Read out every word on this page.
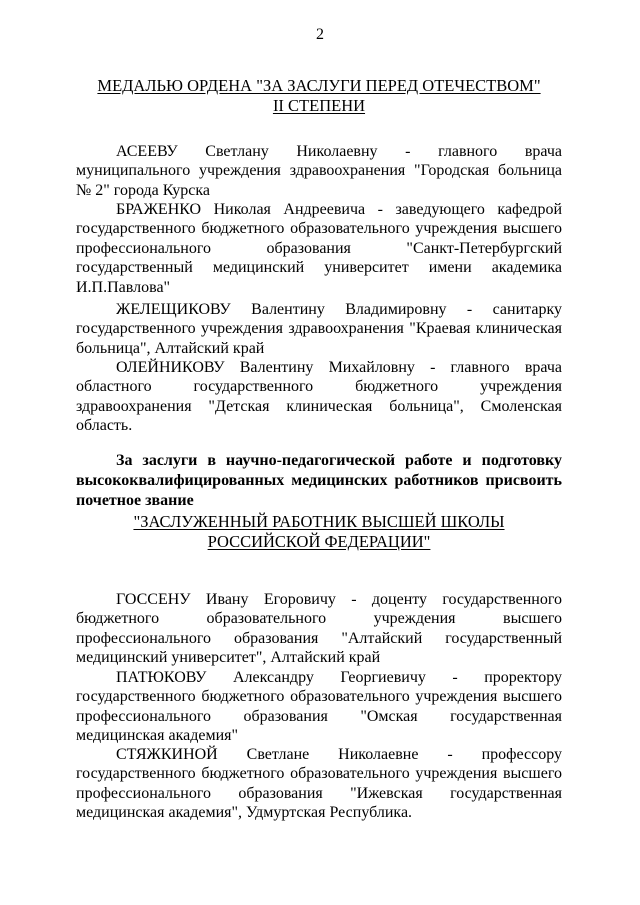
2
МЕДАЛЬЮ ОРДЕНА "ЗА ЗАСЛУГИ ПЕРЕД ОТЕЧЕСТВОМ"
II СТЕПЕНИ

АСЕЕВУ Светлану Николаевну - главного врача муниципального учреждения здравоохранения "Городская больница № 2" города Курска

БРАЖЕНКО Николая Андреевича - заведующего кафедрой государственного бюджетного образовательного учреждения высшего профессионального образования "Санкт-Петербургский государственный медицинский университет имени академика И.П.Павлова"

ЖЕЛЕЩИКОВУ Валентину Владимировну - санитарку государственного учреждения здравоохранения "Краевая клиническая больница", Алтайский край

ОЛЕЙНИКОВУ Валентину Михайловну - главного врача областного государственного бюджетного учреждения здравоохранения "Детская клиническая больница", Смоленская область.

За заслуги в научно-педагогической работе и подготовку высококвалифицированных медицинских работников присвоить почетное звание

"ЗАСЛУЖЕННЫЙ РАБОТНИК ВЫСШЕЙ ШКОЛЫ
РОССИЙСКОЙ ФЕДЕРАЦИИ"

ГОССЕНУ Ивану Егоровичу - доценту государственного бюджетного образовательного учреждения высшего профессионального образования "Алтайский государственный медицинский университет", Алтайский край

ПАТЮКОВУ Александру Георгиевичу - проректору государственного бюджетного образовательного учреждения высшего профессионального образования "Омская государственная медицинская академия"

СТЯЖКИНОЙ Светлане Николаевне - профессору государственного бюджетного образовательного учреждения высшего профессионального образования "Ижевская государственная медицинская академия", Удмуртская Республика.
